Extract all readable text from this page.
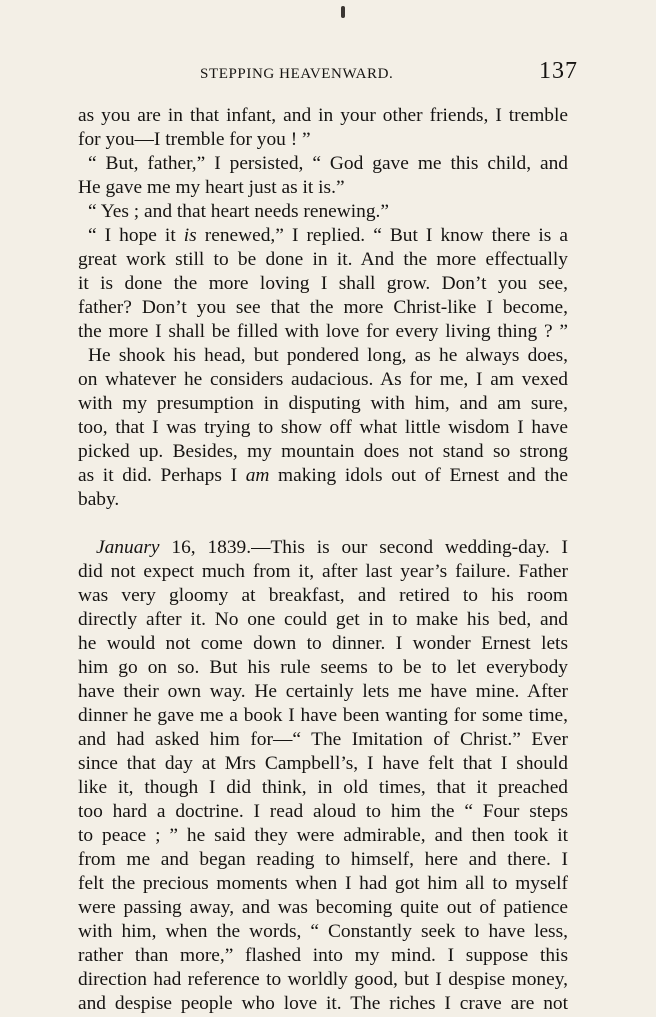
STEPPING HEAVENWARD.	137
as you are in that infant, and in your other friends, I tremble
for you—I tremble for you ! ”
“ But, father,” I persisted, “ God gave me this child, and
He gave me my heart just as it is.”
“ Yes ; and that heart needs renewing.”
“ I hope it is renewed,” I replied. “ But I know there is a
great work still to be done in it. And the more effectually
it is done the more loving I shall grow. Don’t you see,
father? Don’t you see that the more Christ-like I become,
the more I shall be filled with love for every living thing ? ”
He shook his head, but pondered long, as he always does,
on whatever he considers audacious. As for me, I am vexed
with my presumption in disputing with him, and am sure,
too, that I was trying to show off what little wisdom I have
picked up. Besides, my mountain does not stand so strong
as it did. Perhaps I am making idols out of Ernest and the
baby.
January 16, 1839.—This is our second wedding-day. I
did not expect much from it, after last year’s failure. Father
was very gloomy at breakfast, and retired to his room
directly after it. No one could get in to make his bed, and
he would not come down to dinner. I wonder Ernest lets
him go on so. But his rule seems to be to let everybody
have their own way. He certainly lets me have mine. After
dinner he gave me a book I have been wanting for some time,
and had asked him for—“ The Imitation of Christ.” Ever
since that day at Mrs Campbell’s, I have felt that I should
like it, though I did think, in old times, that it preached
too hard a doctrine. I read aloud to him the “ Four steps
to peace ; ” he said they were admirable, and then took it
from me and began reading to himself, here and there. I
felt the precious moments when I had got him all to myself
were passing away, and was becoming quite out of patience
with him, when the words, “ Constantly seek to have less,
rather than more,” flashed into my mind. I suppose this
direction had reference to worldly good, but I despise money,
and despise people who love it. The riches I crave are not
